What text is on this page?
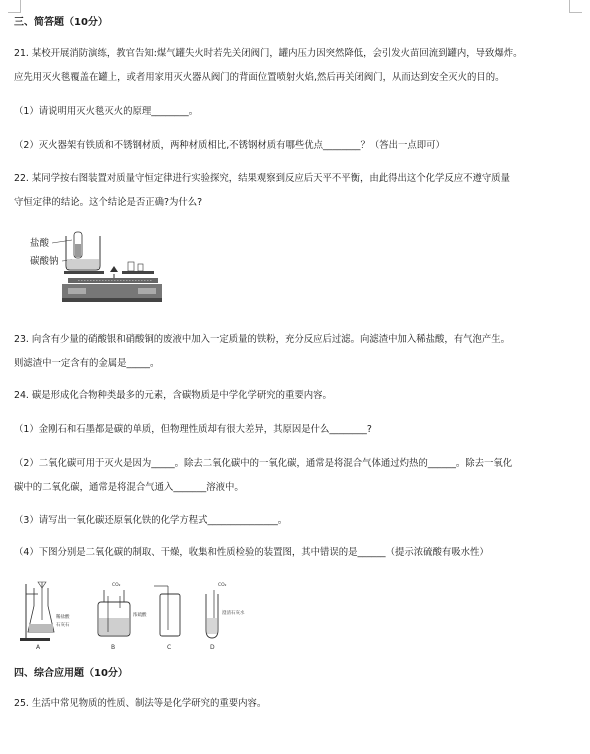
三、简答题（10分）
21. 某校开展消防演练，教官告知:煤气罐失火时若先关闭阀门，罐内压力因突然降低，会引发火苗回流到罐内，导致爆炸。
应先用灭火毯覆盖在罐上，或者用家用灭火器从阀门的背面位置喷射火焰,然后再关闭阀门，从而达到安全灭火的目的。
（1）请说明用灭火毯灭火的原理________。
（2）灭火器架有铁质和不锈钢材质，两种材质相比,不锈钢材质有哪些优点________？（答出一点即可）
22. 某同学按右图装置对质量守恒定律进行实验探究，结果观察到反应后天平不平衡，由此得出这个化学反应不遵守质量
守恒定律的结论。这个结论是否正确?为什么?
盐酸
碳酸钠
23. 向含有少量的硝酸银和硝酸铜的废液中加入一定质量的铁粉，充分反应后过滤。向滤渣中加入稀盐酸，有气泡产生。
则滤渣中一定含有的金属是_____。
24. 碳是形成化合物种类最多的元素，含碳物质是中学化学研究的重要内容。
（1）金刚石和石墨都是碳的单质，但物理性质却有很大差异，其原因是什么________?
（2）二氧化碳可用于灭火是因为_____。除去二氧化碳中的一氧化碳，通常是将混合气体通过灼热的______。除去一氧化
碳中的二氧化碳，通常是将混合气通入_______溶液中。
（3）请写出一氧化碳还原氧化铁的化学方程式_______________。
（4）下图分别是二氧化碳的制取、干燥，收集和性质检验的装置图，其中错误的是______（提示浓硫酸有吸水性）
稀盐酸
石灰石
A
CO₂
浓硫酸
B	C
CO₂
澄清石灰水
D
四、综合应用题（10分）
25. 生活中常见物质的性质、制法等是化学研究的重要内容。
